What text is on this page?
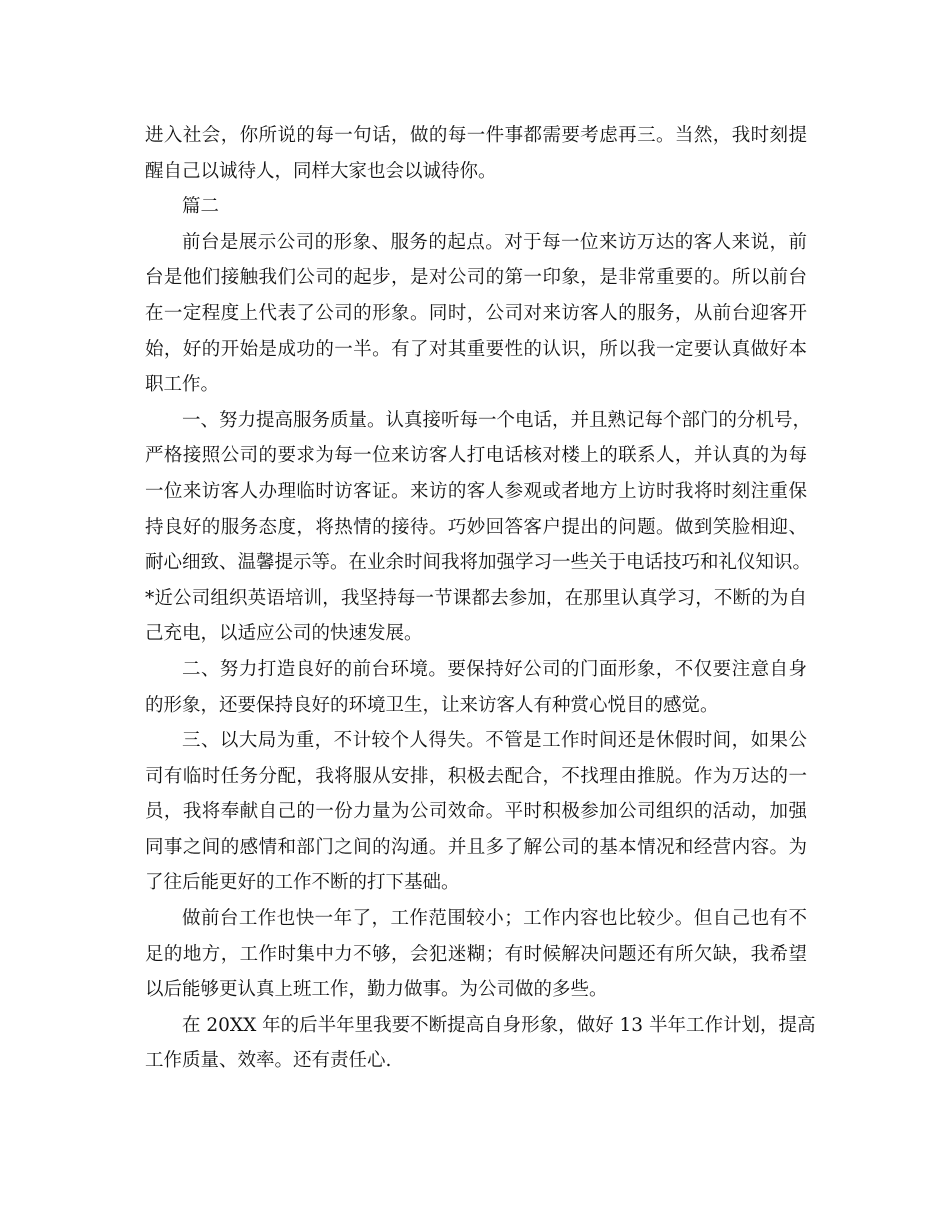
进入社会，你所说的每一句话，做的每一件事都需要考虑再三。当然，我时刻提
醒自己以诚待人，同样大家也会以诚待你。
篇二
前台是展示公司的形象、服务的起点。对于每一位来访万达的客人来说，前
台是他们接触我们公司的起步，是对公司的第一印象，是非常重要的。所以前台
在一定程度上代表了公司的形象。同时，公司对来访客人的服务，从前台迎客开
始，好的开始是成功的一半。有了对其重要性的认识，所以我一定要认真做好本
职工作。
一、努力提高服务质量。认真接听每一个电话，并且熟记每个部门的分机号，
严格接照公司的要求为每一位来访客人打电话核对楼上的联系人，并认真的为每
一位来访客人办理临时访客证。来访的客人参观或者地方上访时我将时刻注重保
持良好的服务态度，将热情的接待。巧妙回答客户提出的问题。做到笑脸相迎、
耐心细致、温馨提示等。在业余时间我将加强学习一些关于电话技巧和礼仪知识。
*近公司组织英语培训，我坚持每一节课都去参加，在那里认真学习，不断的为自
己充电，以适应公司的快速发展。
二、努力打造良好的前台环境。要保持好公司的门面形象，不仅要注意自身
的形象，还要保持良好的环境卫生，让来访客人有种赏心悦目的感觉。
三、以大局为重，不计较个人得失。不管是工作时间还是休假时间，如果公
司有临时任务分配，我将服从安排，积极去配合，不找理由推脱。作为万达的一
员，我将奉献自己的一份力量为公司效命。平时积极参加公司组织的活动，加强
同事之间的感情和部门之间的沟通。并且多了解公司的基本情况和经营内容。为
了往后能更好的工作不断的打下基础。
做前台工作也快一年了，工作范围较小；工作内容也比较少。但自己也有不
足的地方，工作时集中力不够，会犯迷糊；有时候解决问题还有所欠缺，我希望
以后能够更认真上班工作，勤力做事。为公司做的多些。
在 20XX 年的后半年里我要不断提高自身形象，做好 13 半年工作计划，提高
工作质量、效率。还有责任心.
